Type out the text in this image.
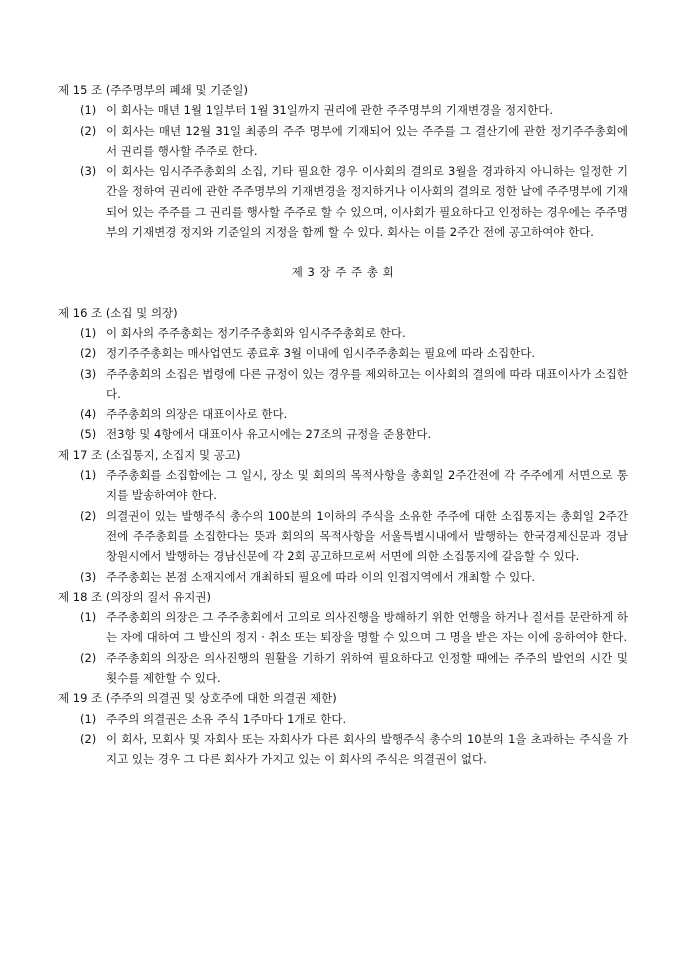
제 15 조 (주주명부의 폐쇄 및 기준일)

(1) 이 회사는 매년 1월 1일부터 1월 31일까지 권리에 관한 주주명부의 기재변경을 정지한다.

(2) 이 회사는 매년 12월 31일 최종의 주주 명부에 기재되어 있는 주주를 그 결산기에 관한 정기주주총회에서 권리를 행사할 주주로 한다.

(3) 이 회사는 임시주주총회의 소집, 기타 필요한 경우 이사회의 결의로 3월을 경과하지 아니하는 일정한 기간을 정하여 권리에 관한 주주명부의 기재변경을 정지하거나 이사회의 결의로 정한 날에 주주명부에 기재되어 있는 주주를 그 권리를 행사할 주주로 할 수 있으며, 이사회가 필요하다고 인정하는 경우에는 주주명부의 기재변경 정지와 기준일의 지정을 함께 할 수 있다. 회사는 이를 2주간 전에 공고하여야 한다.

제 3 장 주 주 총 회

제 16 조 (소집 및 의장)

(1) 이 회사의 주주총회는 정기주주총회와 임시주주총회로 한다.

(2) 정기주주총회는 매사업연도 종료후 3월 이내에 임시주주총회는 필요에 따라 소집한다.

(3) 주주총회의 소집은 법령에 다른 규정이 있는 경우를 제외하고는 이사회의 결의에 따라 대표이사가 소집한다.

(4) 주주총회의 의장은 대표이사로 한다.

(5) 전3항 및 4항에서 대표이사 유고시에는 27조의 규정을 준용한다.

제 17 조 (소집통지, 소집지 및 공고)

(1) 주주총회를 소집함에는 그 일시, 장소 및 회의의 목적사항을 총회일 2주간전에 각 주주에게 서면으로 통지를 발송하여야 한다.

(2) 의결권이 있는 발행주식 총수의 100분의 1이하의 주식을 소유한 주주에 대한 소집통지는 총회일 2주간전에 주주총회를 소집한다는 뜻과 회의의 목적사항을 서울특별시내에서 발행하는 한국경제신문과 경남 창원시에서 발행하는 경남신문에 각 2회 공고하므로써 서면에 의한 소집통지에 갈음할 수 있다.

(3) 주주총회는 본점 소재지에서 개최하되 필요에 따라 이의 인접지역에서 개최할 수 있다.

제 18 조 (의장의 질서 유지권)

(1) 주주총회의 의장은 그 주주총회에서 고의로 의사진행을 방해하기 위한 언행을 하거나 질서를 문란하게 하는 자에 대하여 그 발신의 정지 · 취소 또는 퇴장을 명할 수 있으며 그 명을 받은 자는 이에 응하여야 한다.

(2) 주주총회의 의장은 의사진행의 원활을 기하기 위하여 필요하다고 인정할 때에는 주주의 발언의 시간 및 횟수를 제한할 수 있다.

제 19 조 (주주의 의결권 및 상호주에 대한 의결권 제한)

(1) 주주의 의결권은 소유 주식 1주마다 1개로 한다.

(2) 이 회사, 모회사 및 자회사 또는 자회사가 다른 회사의 발행주식 총수의 10분의 1을 초과하는 주식을 가지고 있는 경우 그 다른 회사가 가지고 있는 이 회사의 주식은 의결권이 없다.
